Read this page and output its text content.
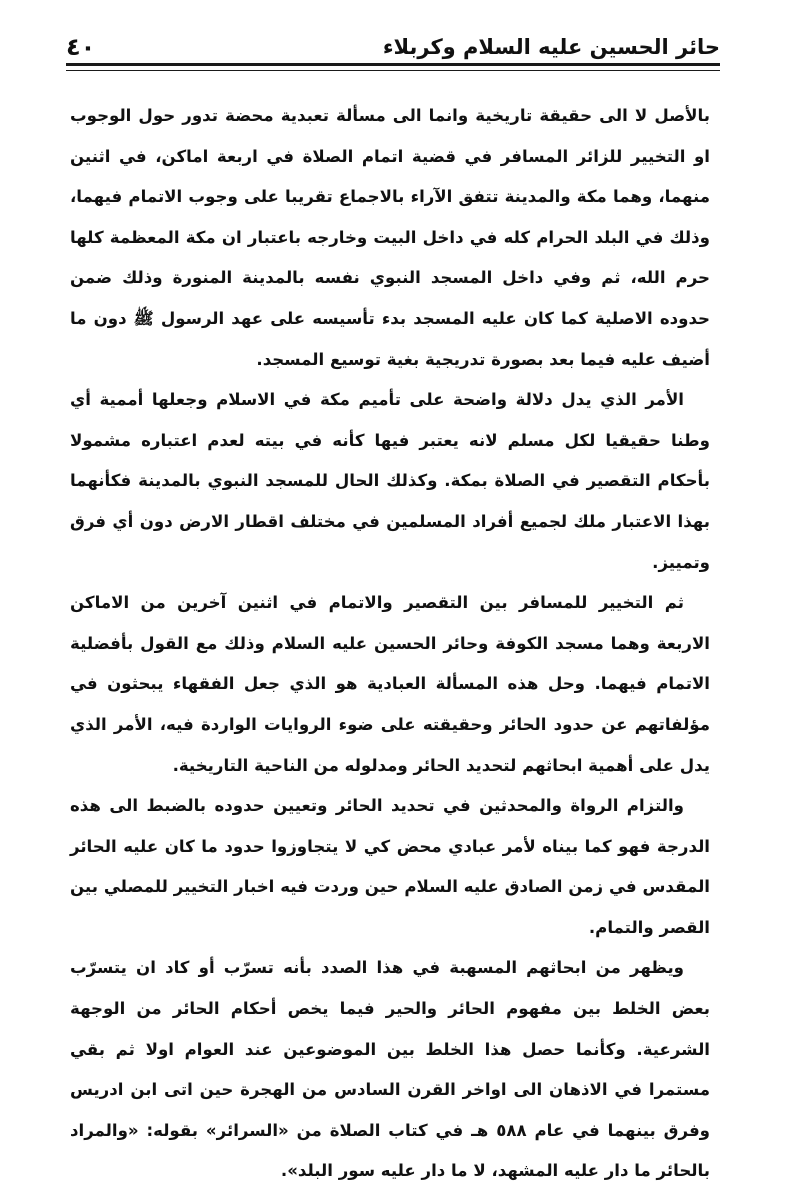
حائر الحسين عليه السلام وكربلاء
٤٠

بالأصل لا الى حقيقة تاريخية وانما الى مسألة تعبدية محضة تدور حول الوجوب او التخيير للزائر المسافر في قضية اتمام الصلاة في اربعة اماكن، في اثنين منهما، وهما مكة والمدينة تتفق الآراء بالاجماع تقريبا على وجوب الاتمام فيهما، وذلك في البلد الحرام كله في داخل البيت وخارجه باعتبار ان مكة المعظمة كلها حرم الله، ثم وفي داخل المسجد النبوي نفسه بالمدينة المنورة وذلك ضمن حدوده الاصلية كما كان عليه المسجد بدء تأسيسه على عهد الرسول ﷺ دون ما أضيف عليه فيما بعد بصورة تدريجية بغية توسيع المسجد.

الأمر الذي يدل دلالة واضحة على تأميم مكة في الاسلام وجعلها أممية أي وطنا حقيقيا لكل مسلم لانه يعتبر فيها كأنه في بيته لعدم اعتباره مشمولا بأحكام التقصير في الصلاة بمكة. وكذلك الحال للمسجد النبوي بالمدينة فكأنهما بهذا الاعتبار ملك لجميع أفراد المسلمين في مختلف اقطار الارض دون أي فرق وتمييز.

ثم التخيير للمسافر بين التقصير والاتمام في اثنين آخرين من الاماكن الاربعة وهما مسجد الكوفة وحائر الحسين عليه السلام وذلك مع القول بأفضلية الاتمام فيهما. وحل هذه المسألة العبادية هو الذي جعل الفقهاء يبحثون في مؤلفاتهم عن حدود الحائر وحقيقته على ضوء الروايات الواردة فيه، الأمر الذي يدل على أهمية ابحاثهم لتحديد الحائر ومدلوله من الناحية التاريخية.

والتزام الرواة والمحدثين في تحديد الحائر وتعيين حدوده بالضبط الى هذه الدرجة فهو كما بيناه لأمر عبادي محض كي لا يتجاوزوا حدود ما كان عليه الحائر المقدس في زمن الصادق عليه السلام حين وردت فيه اخبار التخيير للمصلي بين القصر والتمام.

ويظهر من ابحاثهم المسهبة في هذا الصدد بأنه تسرّب أو كاد ان يتسرّب بعض الخلط بين مفهوم الحائر والحير فيما يخص أحكام الحائر من الوجهة الشرعية. وكأنما حصل هذا الخلط بين الموضوعين عند العوام اولا ثم بقي مستمرا في الاذهان الى اواخر القرن السادس من الهجرة حين اتى ابن ادريس وفرق بينهما في عام ٥٨٨ هـ في كتاب الصلاة من «السرائر» بقوله: «والمراد بالحائر ما دار عليه المشهد، لا ما دار عليه سور البلد».
